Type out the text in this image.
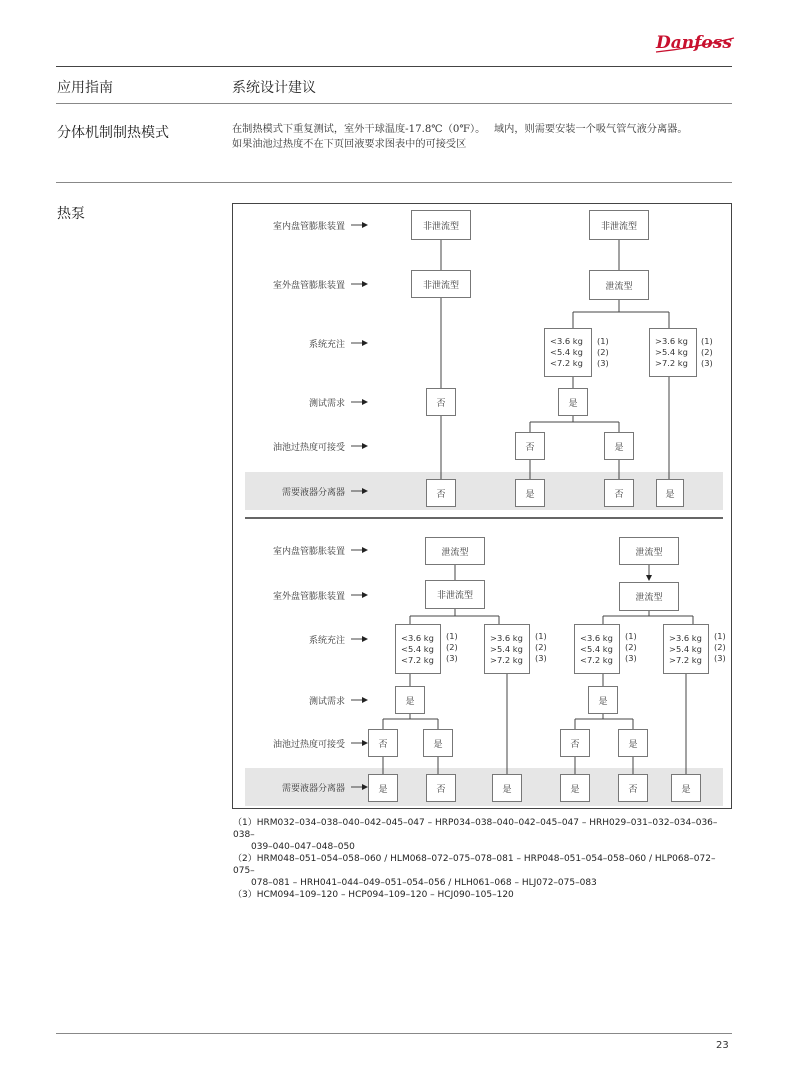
Danfoss
应用指南	系统设计建议
分体机制制热模式	在制热模式下重复测试，室外干球温度-17.8℃（0℉）。
如果油池过热度不在下页回液要求图表中的可接受区
域内，则需要安装一个吸气管气液分离器。
热泵
室内盘管膨胀装置
室外盘管膨胀装置
系统充注
测试需求
油池过热度可接受
需要液器分离器
室内盘管膨胀装置
室外盘管膨胀装置
系统充注
测试需求
油池过热度可接受
需要液器分离器
非泄流型	非泄流型
非泄流型	泄流型
<3.6 kg
<5.4 kg
<7.2 kg
(1)
(2)
(3)
>3.6 kg
>5.4 kg
>7.2 kg
(1)
(2)
(3)
否	是
否	是
否	是	否	是
泄流型	泄流型
非泄流型	泄流型
<3.6 kg
<5.4 kg
<7.2 kg
(1)
(2)
(3)
>3.6 kg
>5.4 kg
>7.2 kg
(1)
(2)
(3)
<3.6 kg
<5.4 kg
<7.2 kg
(1)
(2)
(3)
>3.6 kg
>5.4 kg
>7.2 kg
(1)
(2)
(3)
是	是
否	是	否	是
是	否	是	是	否	是

（1）HRM032–034–038–040–042–045–047 – HRP034–038–040–042–045–047 – HRH029–031–032–034–036–038–

039–040–047–048–050

（2）HRM048–051–054–058–060 / HLM068–072–075–078–081 – HRP048–051–054–058–060 / HLP068–072–075–

078–081 – HRH041–044–049–051–054–056 / HLH061–068 – HLJ072–075–083

（3）HCM094–109–120 – HCP094–109–120 – HCJ090–105–120

23
